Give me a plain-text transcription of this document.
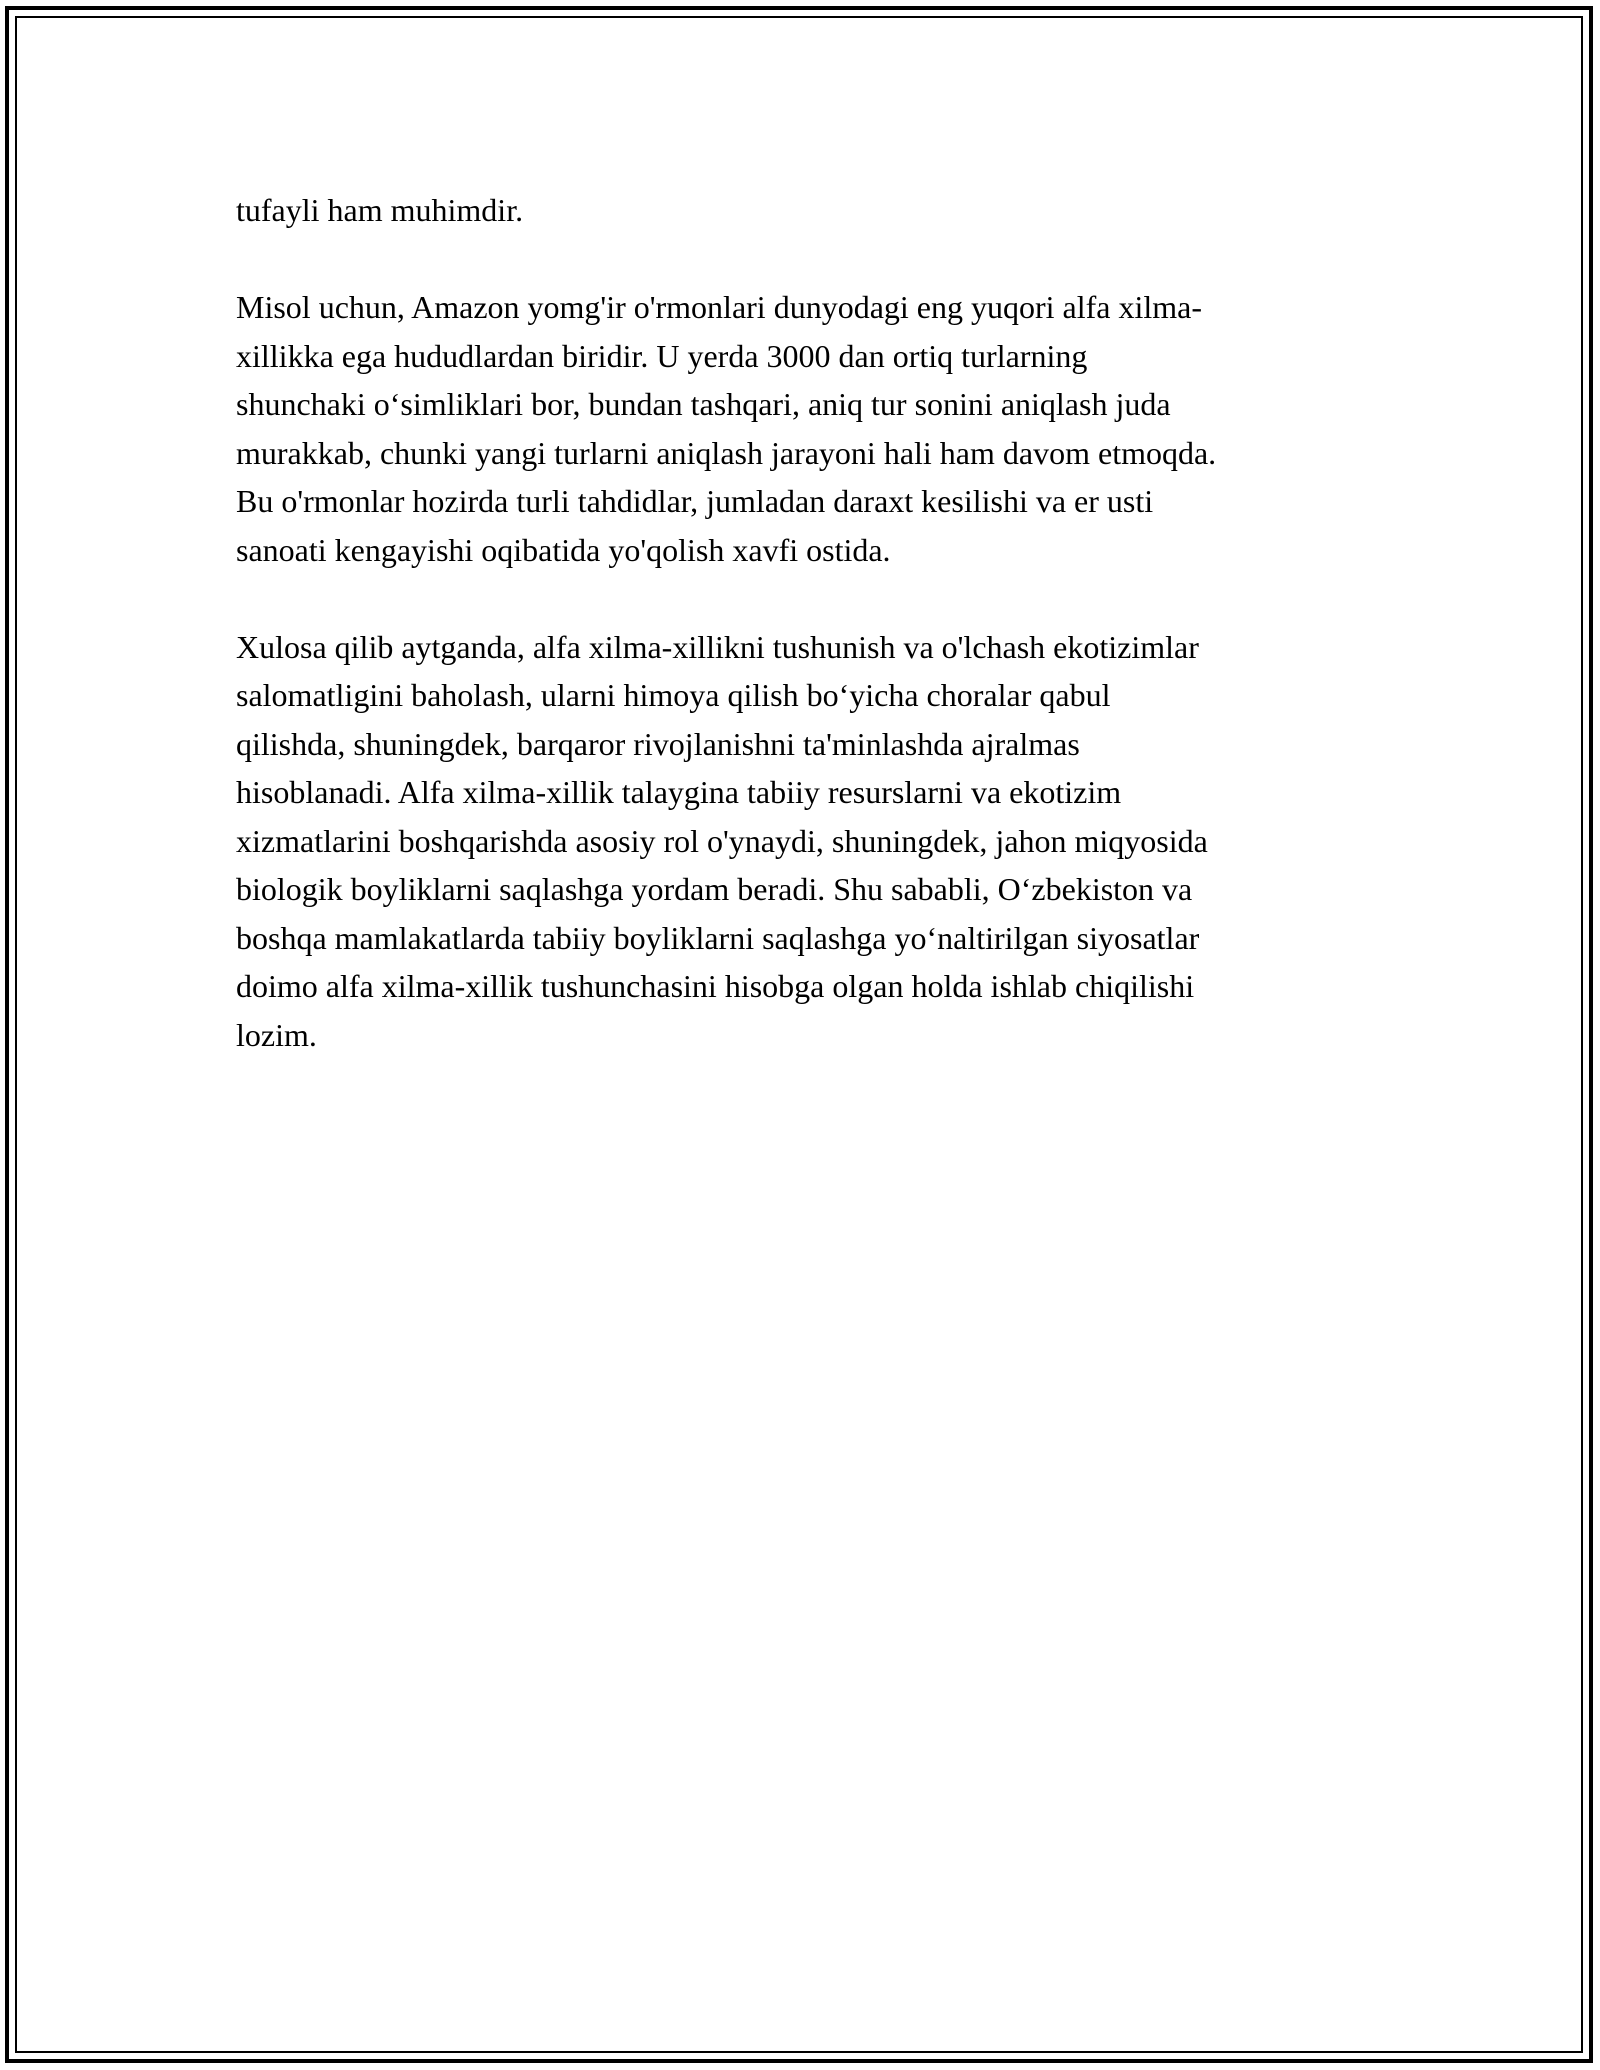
tufayli ham muhimdir.

Misol uchun, Amazon yomg'ir o'rmonlari dunyodagi eng yuqori alfa xilma-
xillikka ega hududlardan biridir. U yerda 3000 dan ortiq turlarning
shunchaki o‘simliklari bor, bundan tashqari, aniq tur sonini aniqlash juda
murakkab, chunki yangi turlarni aniqlash jarayoni hali ham davom etmoqda.
Bu o'rmonlar hozirda turli tahdidlar, jumladan daraxt kesilishi va er usti
sanoati kengayishi oqibatida yo'qolish xavfi ostida.

Xulosa qilib aytganda, alfa xilma-xillikni tushunish va o'lchash ekotizimlar
salomatligini baholash, ularni himoya qilish bo‘yicha choralar qabul
qilishda, shuningdek, barqaror rivojlanishni ta'minlashda ajralmas
hisoblanadi. Alfa xilma-xillik talaygina tabiiy resurslarni va ekotizim
xizmatlarini boshqarishda asosiy rol o'ynaydi, shuningdek, jahon miqyosida
biologik boyliklarni saqlashga yordam beradi. Shu sababli, O‘zbekiston va
boshqa mamlakatlarda tabiiy boyliklarni saqlashga yo‘naltirilgan siyosatlar
doimo alfa xilma-xillik tushunchasini hisobga olgan holda ishlab chiqilishi
lozim.
